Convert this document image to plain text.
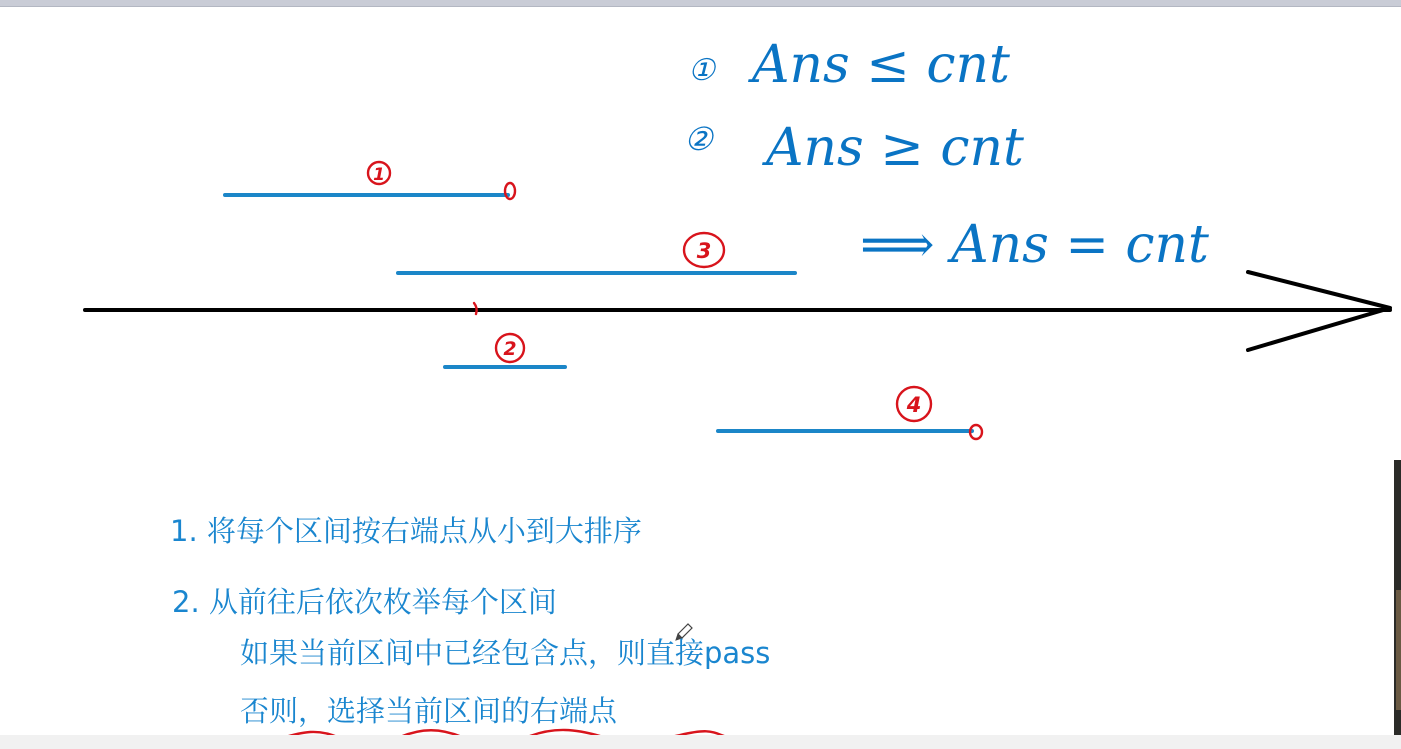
① Ans ≤ cnt
② Ans ≥ cnt
⟹ Ans = cnt
1
3
2
4
1. 将每个区间按右端点从小到大排序
2. 从前往后依次枚举每个区间
如果当前区间中已经包含点，则直接pass
否则，选择当前区间的右端点
